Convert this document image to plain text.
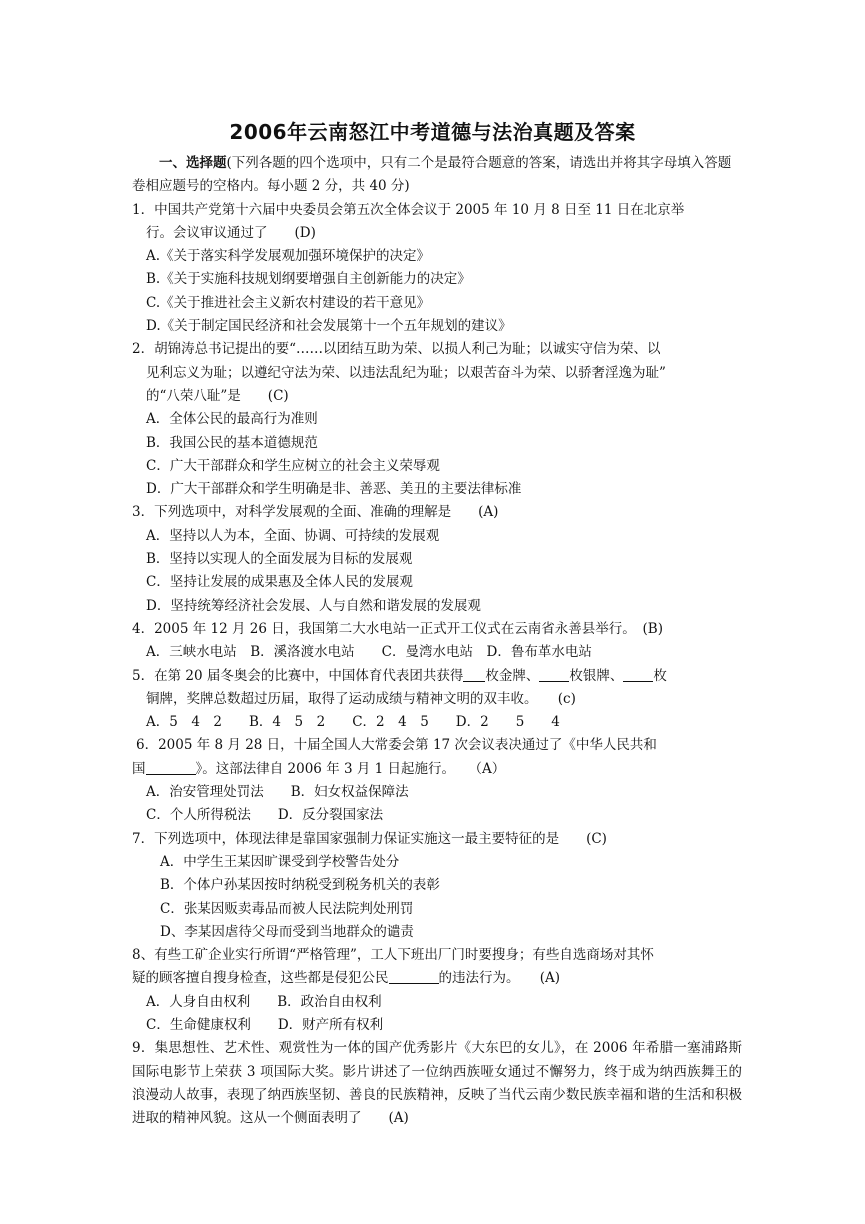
2006年云南怒江中考道德与法治真题及答案

一、选择题(下列各题的四个选项中，只有二个是最符合题意的答案，请选出并将其字母填入答题卷相应题号的空格内。每小题 2 分，共 40 分)

1．中国共产党第十六届中央委员会第五次全体会议于 2005 年 10 月 8 日至 11 日在北京举

行。会议审议通过了　　(D)

A.《关于落实科学发展观加强环境保护的决定》

B.《关于实施科技规划纲要增强自主创新能力的决定》

C.《关于推进社会主义新农村建设的若干意见》

D.《关于制定国民经济和社会发展第十一个五年规划的建议》

2．胡锦涛总书记提出的要“……以团结互助为荣、以损人利己为耻；以诚实守信为荣、以

见利忘义为耻；以遵纪守法为荣、以违法乱纪为耻；以艰苦奋斗为荣、以骄奢淫逸为耻”

的“八荣八耻”是　　(C)

A．全体公民的最高行为准则

B．我国公民的基本道德规范

C．广大干部群众和学生应树立的社会主义荣辱观

D．广大干部群众和学生明确是非、善恶、美丑的主要法律标准

3．下列选项中，对科学发展观的全面、准确的理解是　　(A)

A．坚持以人为本，全面、协调、可持续的发展观

B．坚持以实现人的全面发展为目标的发展观

C．坚持让发展的成果惠及全体人民的发展观

D．坚持统筹经济社会发展、人与自然和谐发展的发展观

4．2005 年 12 月 26 日，我国第二大水电站一正式开工仪式在云南省永善县举行。　(B)

A．三峡水电站　B．溪洛渡水电站　　C．曼湾水电站　D．鲁布革水电站

5．在第 20 届冬奥会的比赛中，中国体育代表团共获得 枚金牌、 枚银牌、 枚

铜牌，奖牌总数超过历届，取得了运动成绩与精神文明的双丰收。　　(c)

A．5　4　2　　B．4　5　2　　C．2　4　5　　D．2　　5　　4

6．2005 年 8 月 28 日，十届全国人大常委会第 17 次会议表决通过了《中华人民共和

国	》。这部法律自 2006 年 3 月 1 日起施行。　　（A）

A．治安管理处罚法　　B．妇女权益保障法

C．个人所得税法　　D．反分裂国家法

7．下列选项中，体现法律是靠国家强制力保证实施这一最主要特征的是　　(C)

A．中学生王某因旷课受到学校警告处分

B．个体户孙某因按时纳税受到税务机关的表彰

C．张某因贩卖毒品而被人民法院判处刑罚

D、李某因虐待父母而受到当地群众的谴责

8、有些工矿企业实行所谓“严格管理”，工人下班出厂门时要搜身；有些自选商场对其怀

疑的顾客擅自搜身检查，这些都是侵犯公民	的违法行为。　　(A)

A．人身自由权利　　B．政治自由权利

C．生命健康权利　　D．财产所有权利

9．集思想性、艺术性、观赏性为一体的国产优秀影片《大东巴的女儿》，在 2006 年希腊一塞浦路斯国际电影节上荣获 3 项国际大奖。影片讲述了一位纳西族哑女通过不懈努力，终于成为纳西族舞王的浪漫动人故事，表现了纳西族坚韧、善良的民族精神，反映了当代云南少数民族幸福和谐的生活和积极进取的精神风貌。这从一个侧面表明了　　(A)
